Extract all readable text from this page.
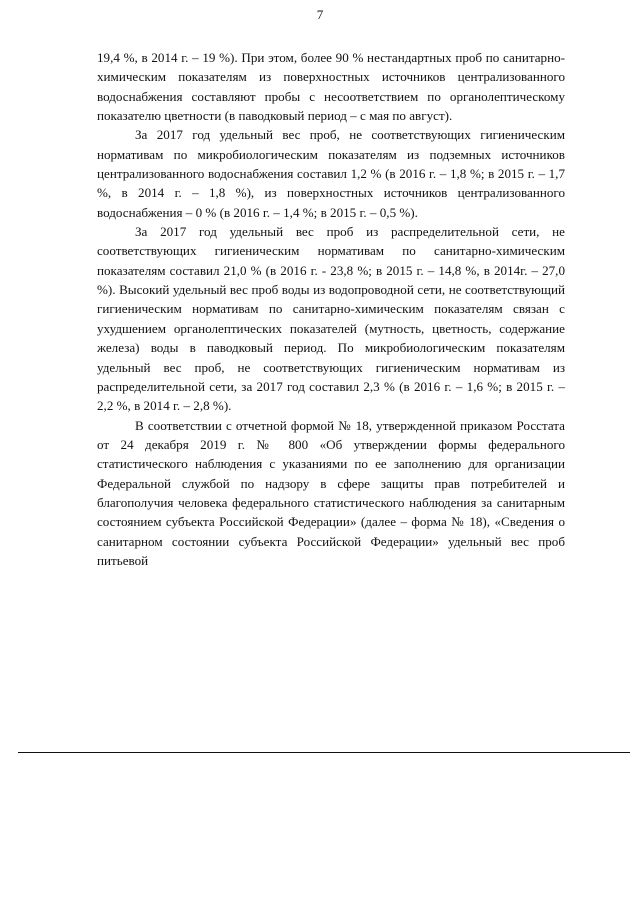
7

19,4 %, в 2014 г. – 19 %). При этом, более 90 % нестандартных проб по санитарно-химическим показателям из поверхностных источников централизованного водоснабжения составляют пробы с несоответствием по органолептическому показателю цветности (в паводковый период – с мая по август).

За 2017 год удельный вес проб, не соответствующих гигиеническим нормативам по микробиологическим показателям из подземных источников централизованного водоснабжения составил 1,2 % (в 2016 г. – 1,8 %; в 2015 г. – 1,7 %, в 2014 г. – 1,8 %), из поверхностных источников централизованного водоснабжения – 0 % (в 2016 г. – 1,4 %; в 2015 г. – 0,5 %).

За 2017 год удельный вес проб из распределительной сети, не соответствующих гигиеническим нормативам по санитарно-химическим показателям составил 21,0 % (в 2016 г. - 23,8 %; в 2015 г. – 14,8 %, в 2014г. – 27,0 %). Высокий удельный вес проб воды из водопроводной сети, не соответствующий гигиеническим нормативам по санитарно-химическим показателям связан с ухудшением органолептических показателей (мутность, цветность, содержание железа) воды в паводковый период. По микробиологическим показателям удельный вес проб, не соответствующих гигиеническим нормативам из распределительной сети, за 2017 год составил 2,3 % (в 2016 г. – 1,6 %; в 2015 г. – 2,2 %, в 2014 г. – 2,8 %).

В соответствии с отчетной формой № 18, утвержденной приказом Росстата от 24 декабря 2019 г. № 800 «Об утверждении формы федерального статистического наблюдения с указаниями по ее заполнению для организации Федеральной службой по надзору в сфере защиты прав потребителей и благополучия человека федерального статистического наблюдения за санитарным состоянием субъекта Российской Федерации» (далее – форма № 18), «Сведения о санитарном состоянии субъекта Российской Федерации» удельный вес проб питьевой
